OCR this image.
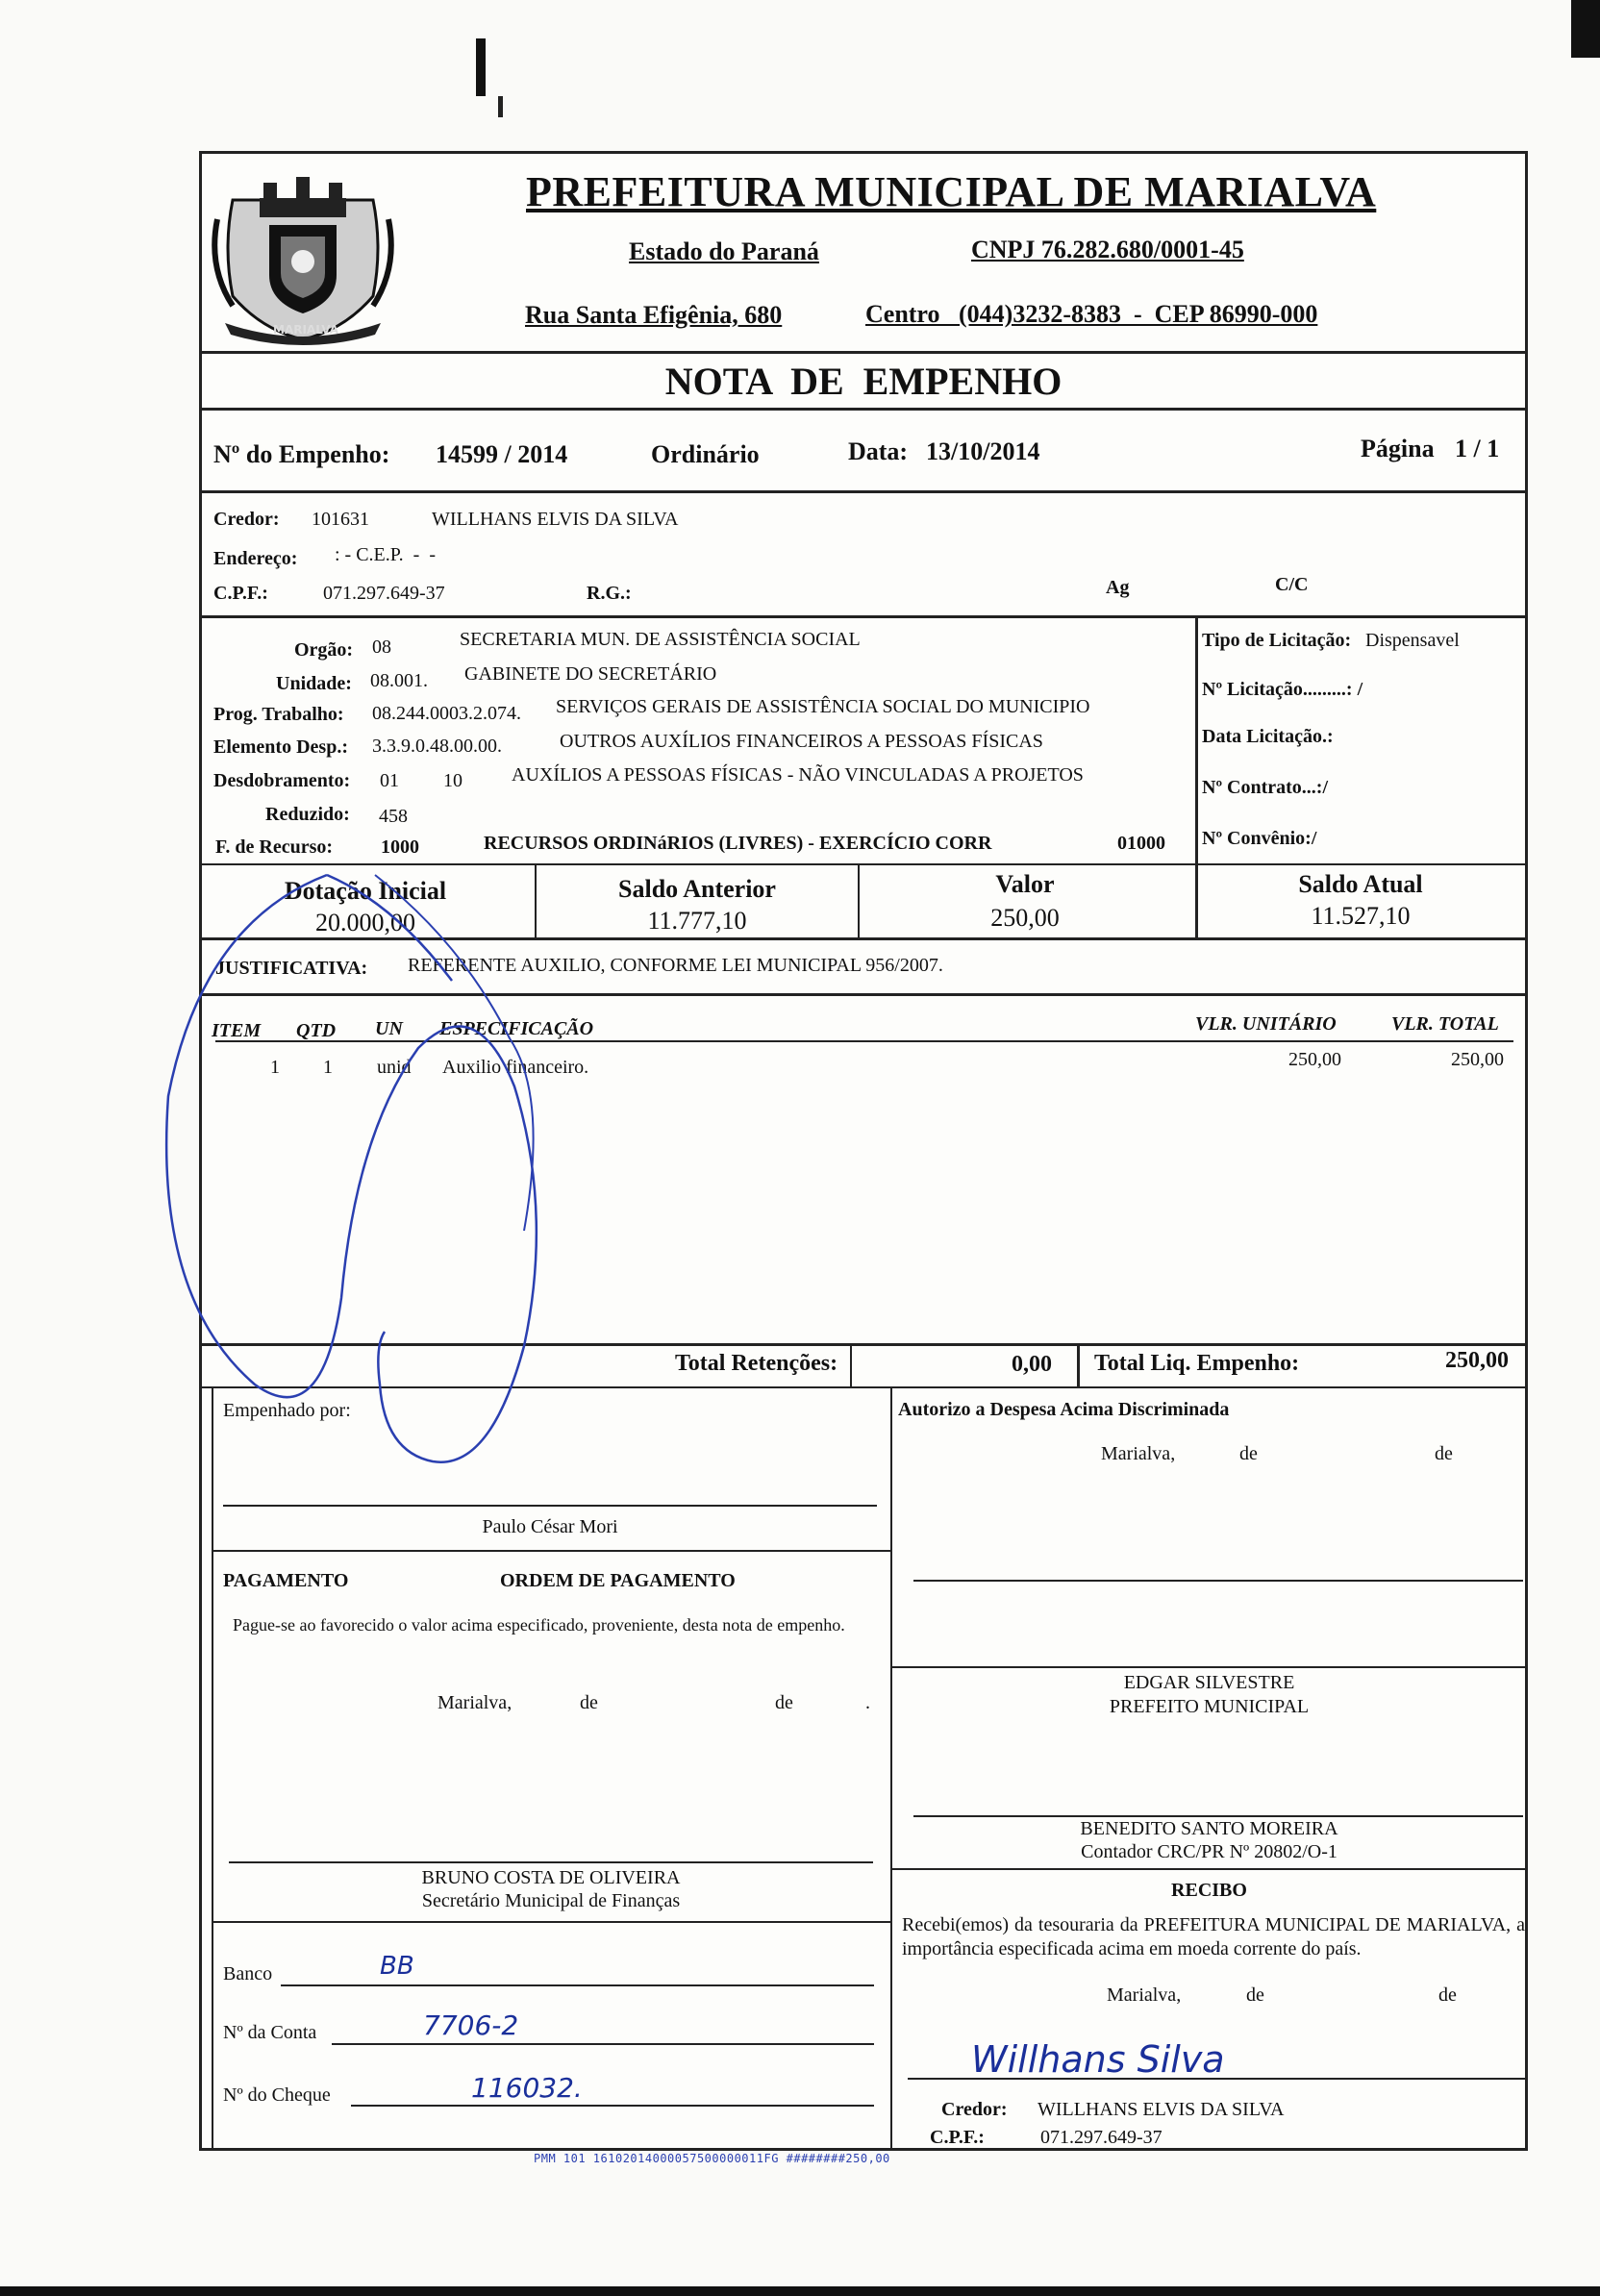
MARIALVA
PREFEITURA MUNICIPAL DE MARIALVA
Estado do Paraná	CNPJ 76.282.680/0001-45
Rua Santa Efigênia, 680	Centro   (044)3232-8383  -  CEP 86990-000
NOTA  DE  EMPENHO
Nº do Empenho: 14599 / 2014	Ordinário	Data: 13/10/2014	Página 1 / 1
Credor: 101631	WILLHANS ELVIS DA SILVA
Endereço: : - C.E.P.  -  -
C.P.F.:	071.297.649-37	R.G.:	Ag	C/C
Orgão: 08	SECRETARIA MUN. DE ASSISTÊNCIA SOCIAL
Unidade: 08.001. GABINETE DO SECRETÁRIO
Prog. Trabalho: 08.244.0003.2.074. SERVIÇOS GERAIS DE ASSISTÊNCIA SOCIAL DO MUNICIPIO
Elemento Desp.: 3.3.9.0.48.00.00.	OUTROS AUXÍLIOS FINANCEIROS A PESSOAS FÍSICAS
Desdobramento: 01 10	AUXÍLIOS A PESSOAS FÍSICAS - NÃO VINCULADAS A PROJETOS
Reduzido: 458
F. de Recurso: 1000	RECURSOS ORDINáRIOS (LIVRES) - EXERCÍCIO CORR	01000
Tipo de Licitação: Dispensavel
Nº Licitação.........: /
Data Licitação.:
Nº Contrato...:/
Nº Convênio:/
Dotação Inicial
20.000,00
Saldo Anterior
11.777,10
Valor
250,00
Saldo Atual
11.527,10
JUSTIFICATIVA: REFERENTE AUXILIO, CONFORME LEI MUNICIPAL 956/2007.
ITEM QTD UN ESPECIFICAÇÃO	VLR. UNITÁRIO	VLR. TOTAL
1 1 unid Auxilio financeiro.	250,00	250,00
Total Retenções:	0,00 Total Liq. Empenho:	250,00
Empenhado por:
Paulo César Mori
PAGAMENTO	ORDEM DE PAGAMENTO
Pague-se ao favorecido o valor acima especificado, proveniente, desta nota de empenho.
Marialva,	de	de	.
BRUNO COSTA DE OLIVEIRA
Secretário Municipal de Finanças
Banco	BB
Nº da Conta	7706-2
Nº do Cheque	116032.
Autorizo a Despesa Acima Discriminada
Marialva,	de	de
EDGAR SILVESTRE
PREFEITO MUNICIPAL
BENEDITO SANTO MOREIRA
Contador CRC/PR Nº 20802/O-1
RECIBO
Recebi(emos) da tesouraria da PREFEITURA MUNICIPAL DE MARIALVA, a importância especificada acima em moeda corrente do país.
Marialva,	de	de
Willhans Silva
Credor: WILLHANS ELVIS DA SILVA
C.P.F.:	071.297.649-37
PMM 101 16102014000057500000011FG ########250,00
